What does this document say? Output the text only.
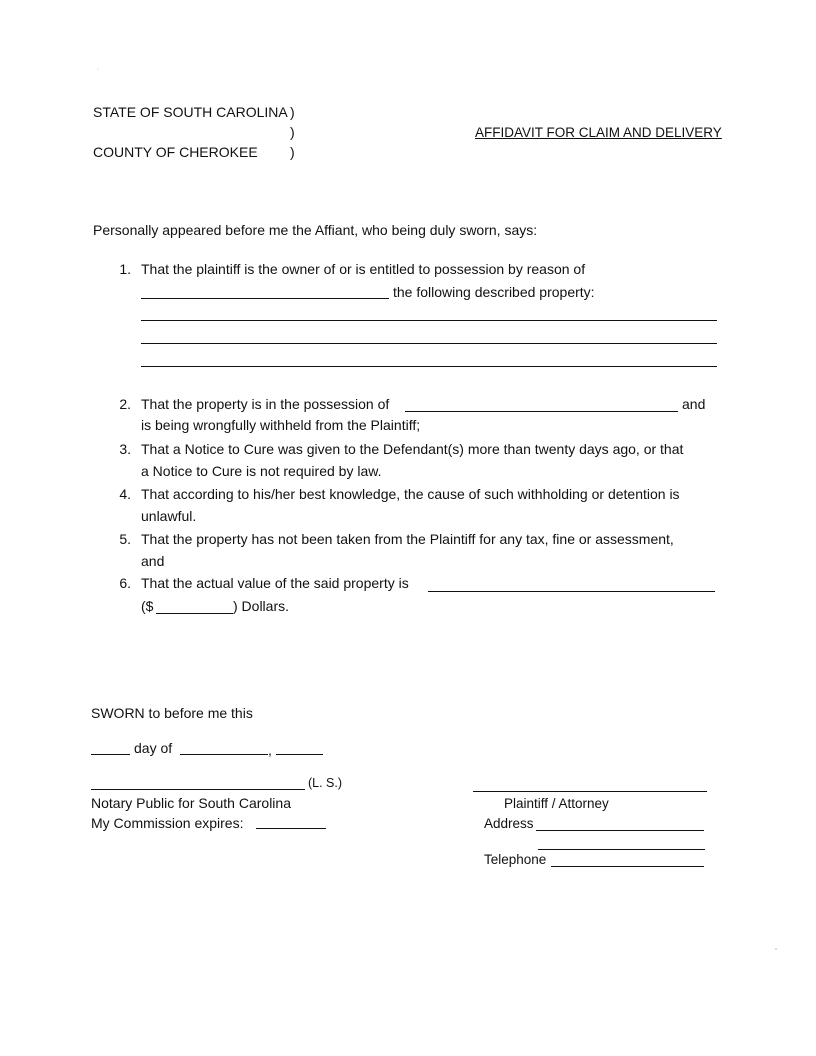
STATE OF SOUTH CAROLINA )
)
COUNTY OF CHEROKEE )
AFFIDAVIT FOR CLAIM AND DELIVERY
Personally appeared before me the Affiant, who being duly sworn, says:
1. That the plaintiff is the owner of or is entitled to possession by reason of
the following described property:
2. That the property is in the possession of	and
is being wrongfully withheld from the Plaintiff;
3. That a Notice to Cure was given to the Defendant(s) more than twenty days ago, or that
a Notice to Cure is not required by law.
4. That according to his/her best knowledge, the cause of such withholding or detention is
unlawful.
5. That the property has not been taken from the Plaintiff for any tax, fine or assessment,
and
6. That the actual value of the said property is
($	) Dollars.
SWORN to before me this
day of	,
(L. S.)
Notary Public for South Carolina
My Commission expires:
Plaintiff / Attorney
Address
Telephone
